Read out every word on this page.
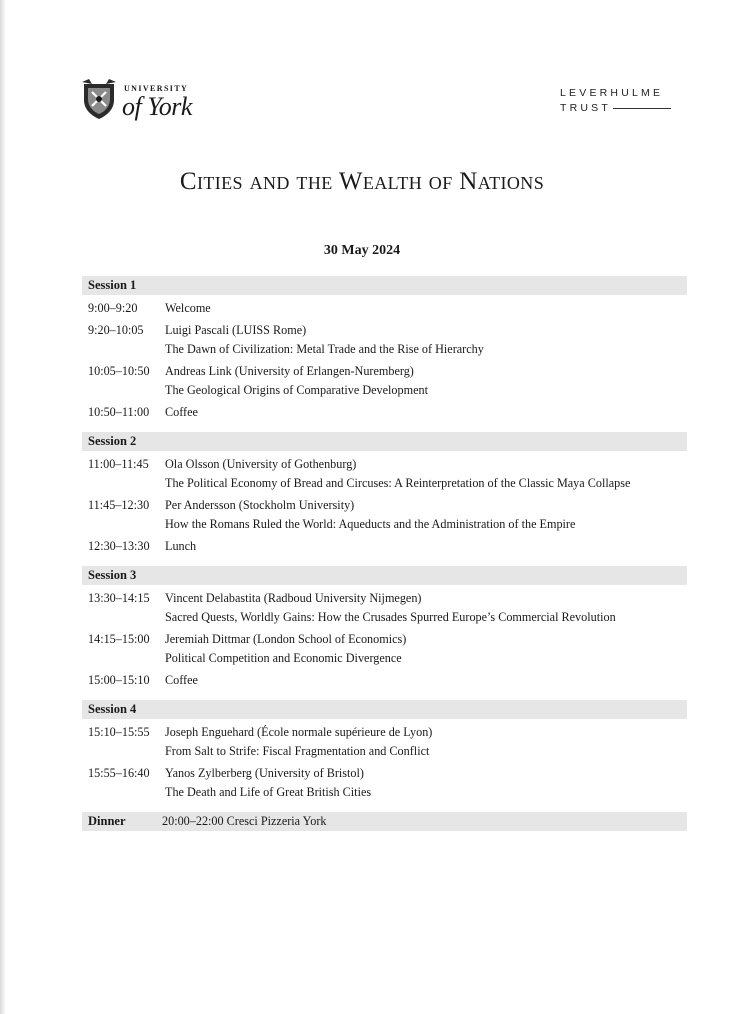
UNIVERSITY
of York	LEVERHULME
TRUST
Cities and the Wealth of Nations
30 May 2024
Session 1
9:00–9:20	Welcome
9:20–10:05	Luigi Pascali (LUISS Rome)
The Dawn of Civilization: Metal Trade and the Rise of Hierarchy
10:05–10:50	Andreas Link (University of Erlangen-Nuremberg)
The Geological Origins of Comparative Development
10:50–11:00	Coffee
Session 2
11:00–11:45	Ola Olsson (University of Gothenburg)
The Political Economy of Bread and Circuses: A Reinterpretation of the Classic Maya Collapse
11:45–12:30	Per Andersson (Stockholm University)
How the Romans Ruled the World: Aqueducts and the Administration of the Empire
12:30–13:30	Lunch
Session 3
13:30–14:15	Vincent Delabastita (Radboud University Nijmegen)
Sacred Quests, Worldly Gains: How the Crusades Spurred Europe’s Commercial Revolution
14:15–15:00	Jeremiah Dittmar (London School of Economics)
Political Competition and Economic Divergence
15:00–15:10	Coffee
Session 4
15:10–15:55	Joseph Enguehard (École normale supérieure de Lyon)
From Salt to Strife: Fiscal Fragmentation and Conflict
15:55–16:40	Yanos Zylberberg (University of Bristol)
The Death and Life of Great British Cities
Dinner	20:00–22:00 Cresci Pizzeria York
